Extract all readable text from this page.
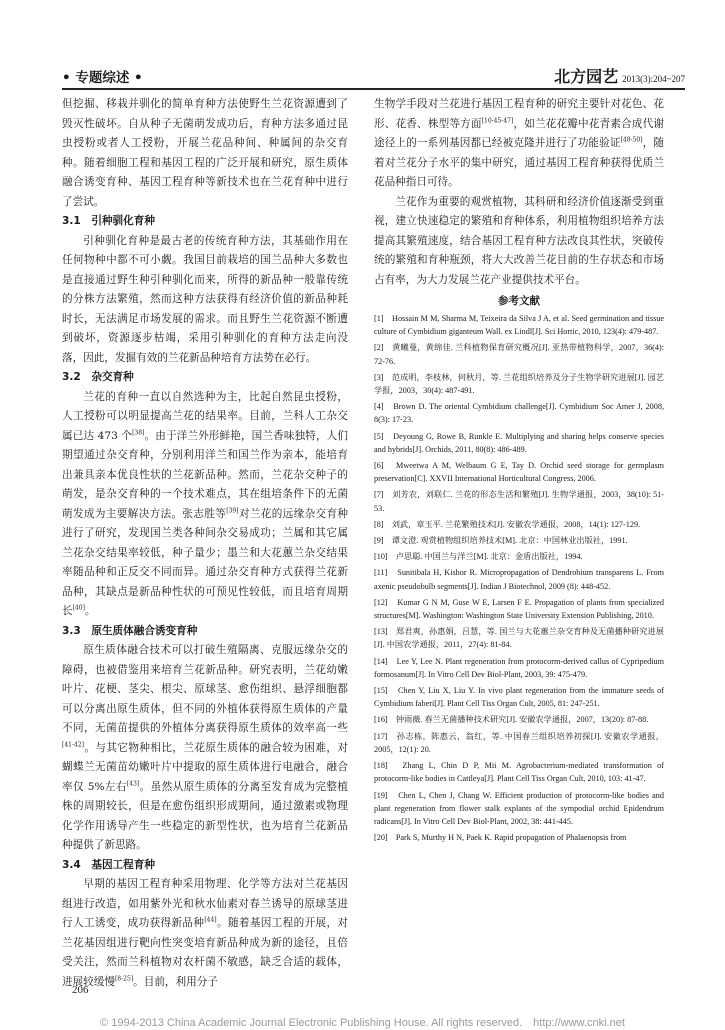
• 专题综述 •	北方园艺 2013(3):204~207

但挖掘、移栽并驯化的简单育种方法使野生兰花资源遭到了毁灭性破坏。自从种子无菌萌发成功后，育种方法多通过昆虫授粉或者人工授粉，开展兰花品种间、种属间的杂交育种。随着细胞工程和基因工程的广泛开展和研究，原生质体融合诱变育种、基因工程育种等新技术也在兰花育种中进行了尝试。

3.1　引种驯化育种

引种驯化育种是最古老的传统育种方法，其基础作用在任何物种中都不可小觑。我国目前栽培的国兰品种大多数也是直接通过野生种引种驯化而来，所得的新品种一般靠传统的分株方法繁殖，然而这种方法获得有经济价值的新品种耗时长，无法满足市场发展的需求。而且野生兰花资源不断遭到破坏，资源逐步枯竭，采用引种驯化的育种方法走向没落，因此，发掘有效的兰花新品种培育方法势在必行。

3.2　杂交育种

兰花的育种一直以自然选种为主，比起自然昆虫授粉，人工授粉可以明显提高兰花的结果率。目前，兰科人工杂交属已达 473 个[38]。由于洋兰外形鲜艳，国兰香味独特，人们期望通过杂交育种，分别利用洋兰和国兰作为亲本，能培育出兼具亲本优良性状的兰花新品种。然而，兰花杂交种子的萌发，是杂交育种的一个技术难点，其在组培条件下的无菌萌发成为主要解决方法。张志胜等[39]对兰花的远缘杂交育种进行了研究，发现国兰类各种间杂交易成功；兰属和其它属兰花杂交结果率较低，种子量少；墨兰和大花蕙兰杂交结果率随品种和正反交不同而异。通过杂交育种方式获得兰花新品种，其缺点是新品种性状的可预见性较低，而且培育周期长[40]。

3.3　原生质体融合诱变育种

原生质体融合技术可以打破生殖隔离、克服远缘杂交的障碍，也被借鉴用来培育兰花新品种。研究表明，兰花幼嫩叶片、花梗、茎尖、根尖、原球茎、愈伤组织、悬浮细胞都可以分离出原生质体，但不同的外植体获得原生质体的产量不同，无菌苗提供的外植体分离获得原生质体的效率高一些[41-42]。与其它物种相比，兰花原生质体的融合较为困难，对蝴蝶兰无菌苗幼嫩叶片中提取的原生质体进行电融合，融合率仅 5%左右[43]。虽然从原生质体的分离至发育成为完整植株的周期较长，但是在愈伤组织形成期间，通过激素或物理化学作用诱导产生一些稳定的新型性状，也为培育兰花新品种提供了新思路。

3.4　基因工程育种

早期的基因工程育种采用物理、化学等方法对兰花基因组进行改造，如用紫外光和秋水仙素对春兰诱导的原球茎进行人工诱变，成功获得新品种[44]。随着基因工程的开展，对兰花基因组进行靶向性突变培育新品种成为新的途径，且倍受关注，然而兰科植物对农杆菌不敏感，缺乏合适的载体，进展较缓慢[8-25]。目前，利用分子

生物学手段对兰花进行基因工程育种的研究主要针对花色、花形、花香、株型等方面[10-45-47]，如兰花花瓣中花青素合成代谢途径上的一系列基因都已经被克隆并进行了功能验证[48-50]，随着对兰花分子水平的集中研究，通过基因工程育种获得优质兰花品种指日可待。

兰花作为重要的观赏植物，其科研和经济价值逐渐受到重视，建立快速稳定的繁殖和育种体系，利用植物组织培养方法提高其繁殖速度，结合基因工程育种方法改良其性状，突破传统的繁殖和育种瓶颈，将大大改善兰花目前的生存状态和市场占有率，为大力发展兰花产业提供技术平台。

参考文献
[1]　Hossain M M, Sharma M, Teixeira da Silva J A, et al. Seed germination and tissue culture of Cymbidium giganteum Wall. ex Lindl[J]. Sci Hortic, 2010, 123(4): 479-487.
[2]　黄曦曼，黄绵佳. 兰科植物保育研究概况[J]. 亚热带植物科学，2007，36(4): 72-76.
[3]　范成明，李枝林，何秋月，等. 兰花组织培养及分子生物学研究进展[J]. 园艺学报，2003，30(4): 487-491.
[4]　Brown D. The oriental Cymbidium challenge[J]. Cymbidium Soc Amer J, 2008, 8(3): 17-23.
[5]　Deyoung G, Rowe B, Runkle E. Multiplying and sharing helps conserve species and hybrids[J]. Orchids, 2011, 80(8): 486-489.
[6]　Mweetwa A M, Welbaum G E, Tay D. Orchid seed storage for germplasm preservation[C]. XXVII International Horticultural Congress, 2006.
[7]　刘芳农，刘联仁. 兰花的形态生活和繁殖[J]. 生物学通报，2003，38(10): 51-53.
[8]　刘武，章玉平. 兰花繁殖技术[J]. 安徽农学通报，2008，14(1): 127-129.
[9]　谭文澄. 观赏植物组织培养技术[M]. 北京：中国林业出版社，1991.
[10]　卢思聪. 中国兰与洋兰[M]. 北京：金盾出版社，1994.
[11]　Sunitibala H, Kishor R. Micropropagation of Dendrobium transparens L. From axenic pseudobulb segments[J]. Indian J Biotechnol, 2009 (8): 448-452.
[12]　Kumar G N M, Guse W E, Larsen F E. Propagation of plants from specialized structures[M]. Washington: Washington State University Extension Publishing, 2010.
[13]　郑君爽，孙惠娟，吕慧，等. 国兰与大花蕙兰杂交育种及无菌播种研究进展[J]. 中国农学通报，2011，27(4): 81-84.
[14]　Lee Y, Lee N. Plant regeneration from protocorm-derived callus of Cypripedium formosanum[J]. In Vitro Cell Dev Biol-Plant, 2003, 39: 475-479.
[15]　Chen Y, Liu X, Liu Y. In vivo plant regeneration from the immature seeds of Cymbidium faberi[J]. Plant Cell Tiss Organ Cult, 2005, 81: 247-251.
[16]　钟雨薇. 春兰无菌播种技术研究[J]. 安徽农学通报，2007，13(20): 87-88.
[17]　孙志栋，陈惠云，翁红，等. 中国春兰组织培养初探[J]. 安徽农学通报，2005，12(1): 20.
[18]　Zhang L, Chin D P, Mii M. Agrobacterium-mediated transformation of protocorm-like bodies in Cattleya[J]. Plant Cell Tiss Organ Cult, 2010, 103: 41-47.
[19]　Chen L, Chen J, Chang W. Efficient production of protocorm-like bodies and plant regeneration from flower stalk explants of the sympodial orchid Epidendrum radicans[J]. In Vitro Cell Dev Biol-Plant, 2002, 38: 441-445.
[20]　Park S, Murthy H N, Paek K. Rapid propagation of Phalaenopsis from
206
© 1994-2013 China Academic Journal Electronic Publishing House. All rights reserved.　http://www.cnki.net
